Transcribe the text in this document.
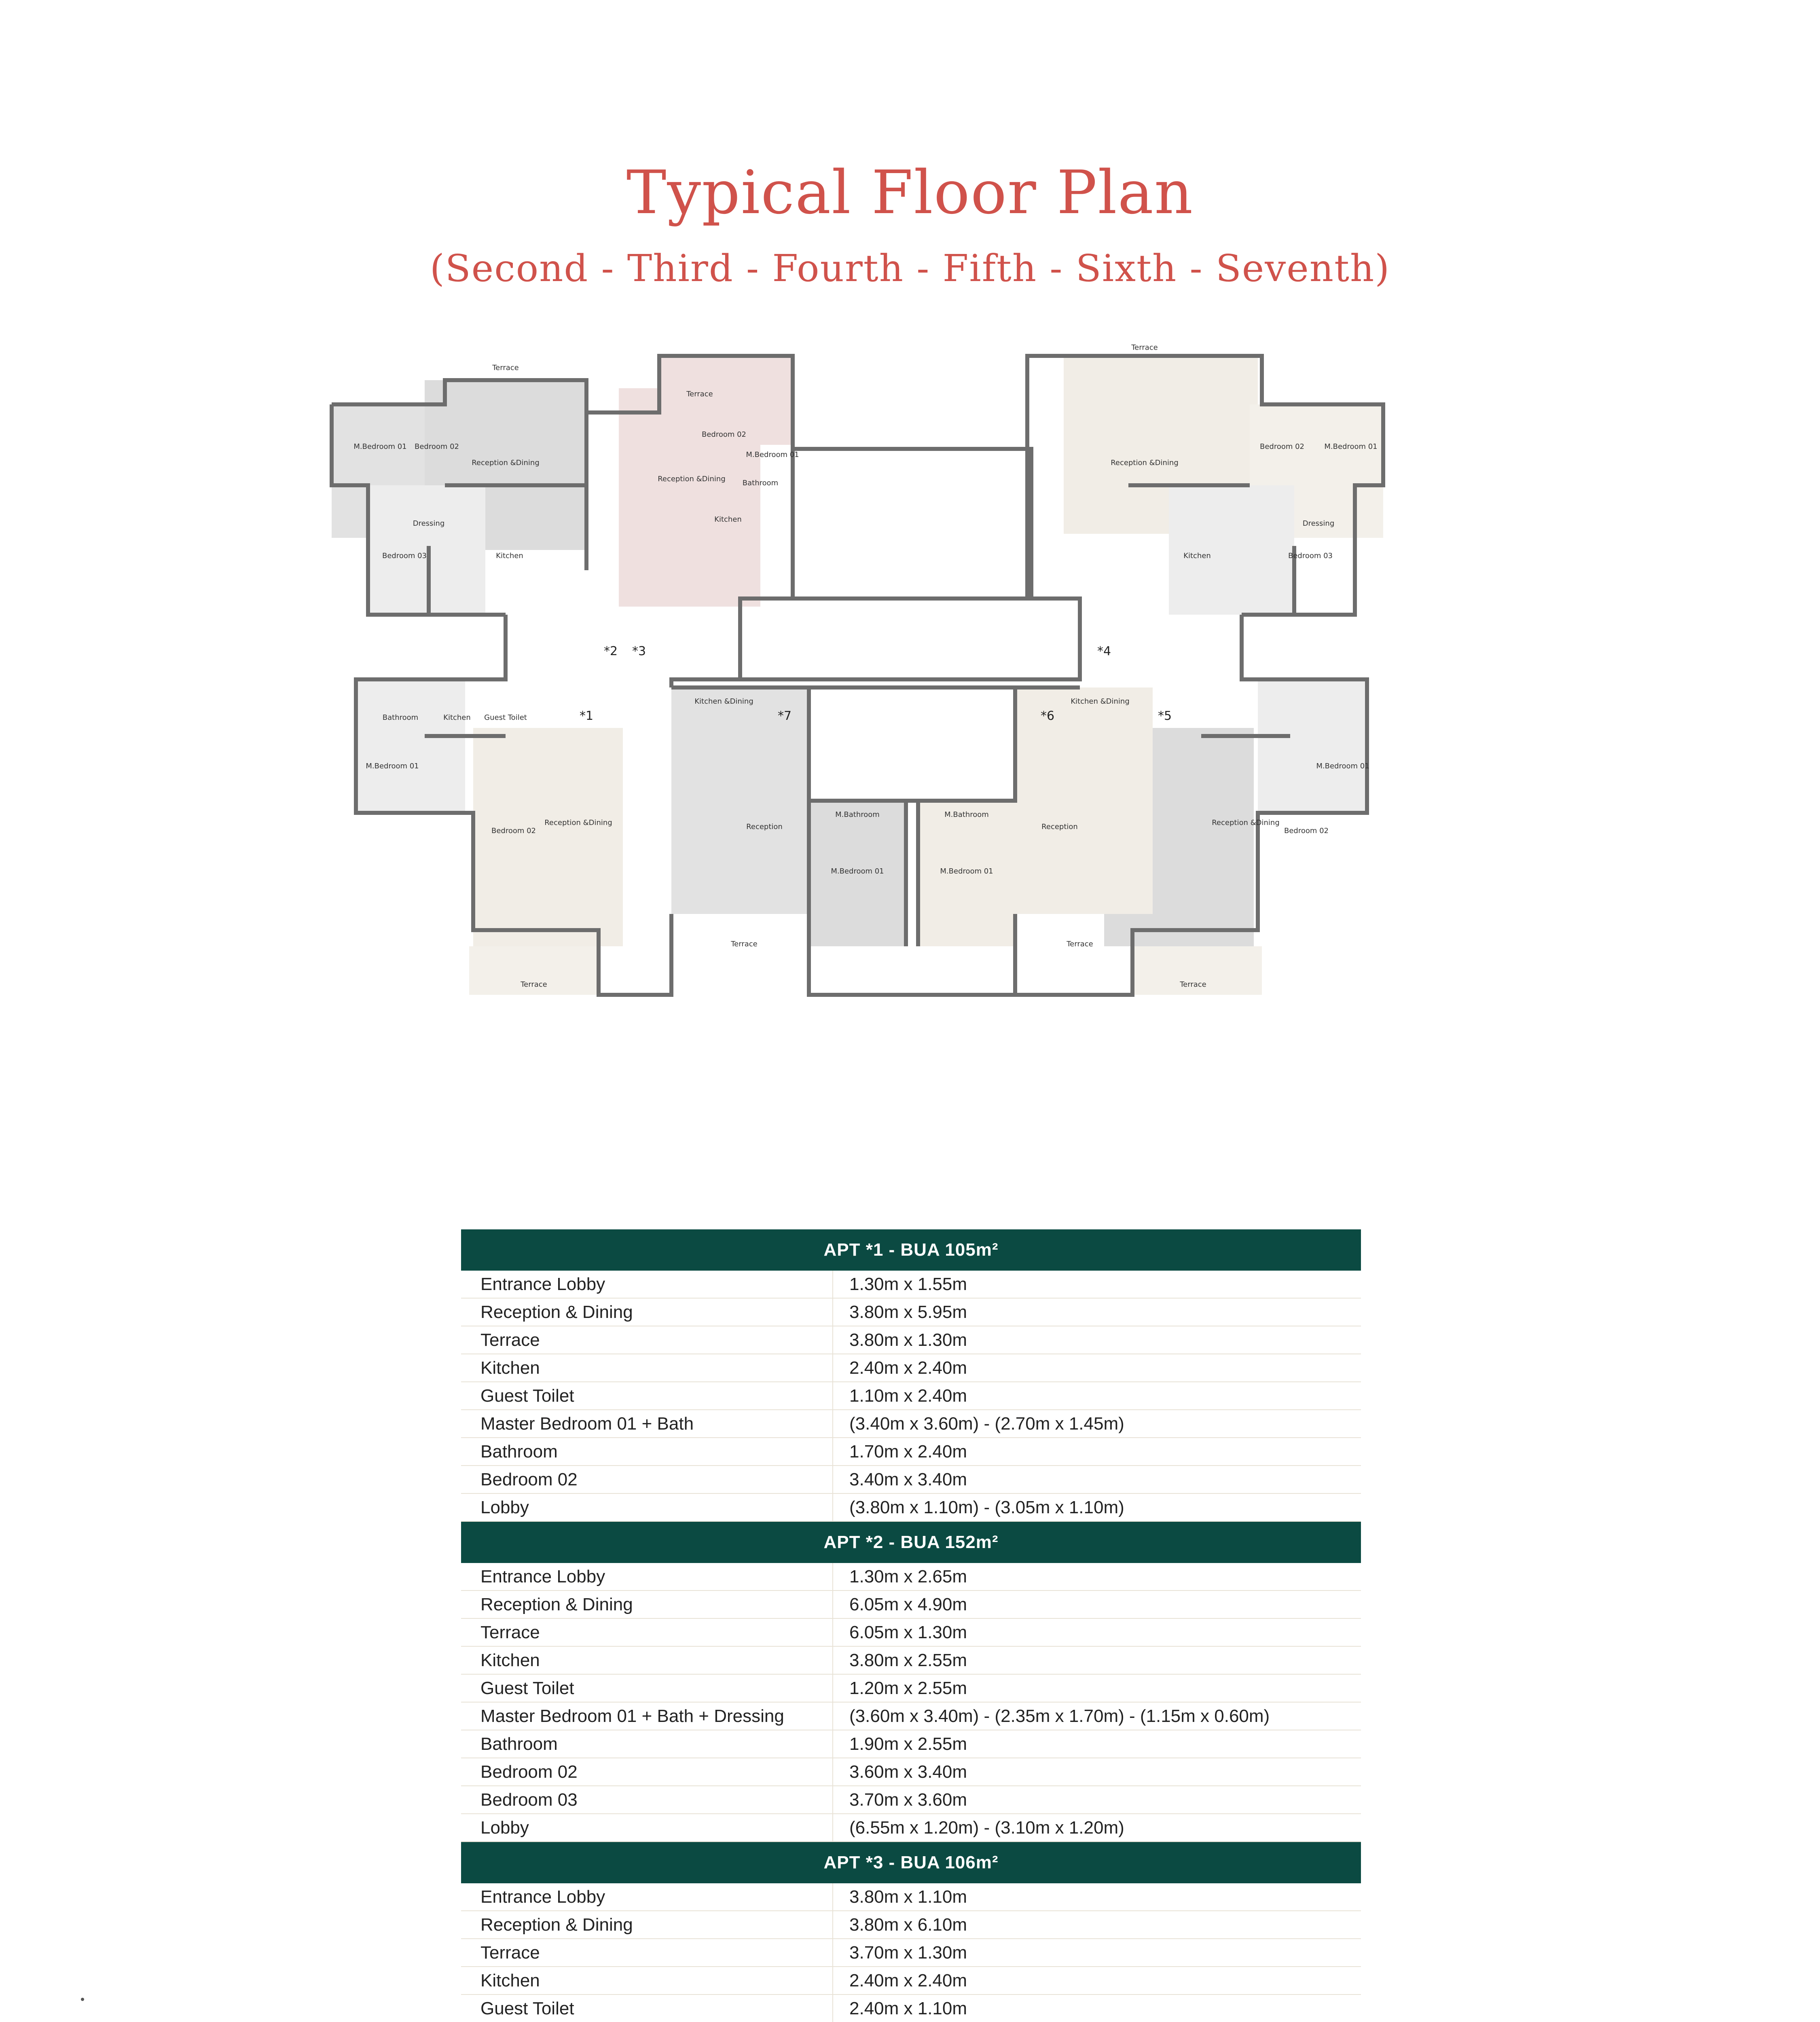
Typical Floor Plan
(Second - Third - Fourth - Fifth - Sixth - Seventh)
Terrace
Terrace
Terrace
M.Bedroom 01 Bedroom 02
Reception &Dining
Bedroom 03	Kitchen
Dressing
Reception &Dining
Bedroom 02
M.Bedroom 01
Kitchen
Bathroom
Reception &Dining
Bedroom 02	M.Bedroom 01
Kitchen	Bedroom 03
Dressing
M.Bedroom 01
Bathroom	Kitchen Guest Toilet
Bedroom 02
Reception &Dining
Terrace
Kitchen &Dining
Reception
M.Bathroom	M.Bathroom
M.Bedroom 01	M.Bedroom 01
Terrace	Terrace
Reception
Kitchen &Dining
Reception &Dining
Bedroom 02
M.Bedroom 01
Terrace
*1
*2 *3	*4
*5
*6
*7
APT *1 - BUA 105m²
Entrance Lobby	1.30m x 1.55m
Reception & Dining	3.80m x 5.95m
Terrace	3.80m x 1.30m
Kitchen	2.40m x 2.40m
Guest Toilet	1.10m x 2.40m
Master Bedroom 01 + Bath	(3.40m x 3.60m) - (2.70m x 1.45m)
Bathroom	1.70m x 2.40m
Bedroom 02	3.40m x 3.40m
Lobby	(3.80m x 1.10m) - (3.05m x 1.10m)
APT *2 - BUA 152m²
Entrance Lobby	1.30m x 2.65m
Reception & Dining	6.05m x 4.90m
Terrace	6.05m x 1.30m
Kitchen	3.80m x 2.55m
Guest Toilet	1.20m x 2.55m
Master Bedroom 01 + Bath + Dressing	(3.60m x 3.40m) - (2.35m x 1.70m) - (1.15m x 0.60m)
Bathroom	1.90m x 2.55m
Bedroom 02	3.60m x 3.40m
Bedroom 03	3.70m x 3.60m
Lobby	(6.55m x 1.20m) - (3.10m x 1.20m)
APT *3 - BUA 106m²
Entrance Lobby	3.80m x 1.10m
Reception & Dining	3.80m x 6.10m
Terrace	3.70m x 1.30m
Kitchen	2.40m x 2.40m
Guest Toilet	2.40m x 1.10m
